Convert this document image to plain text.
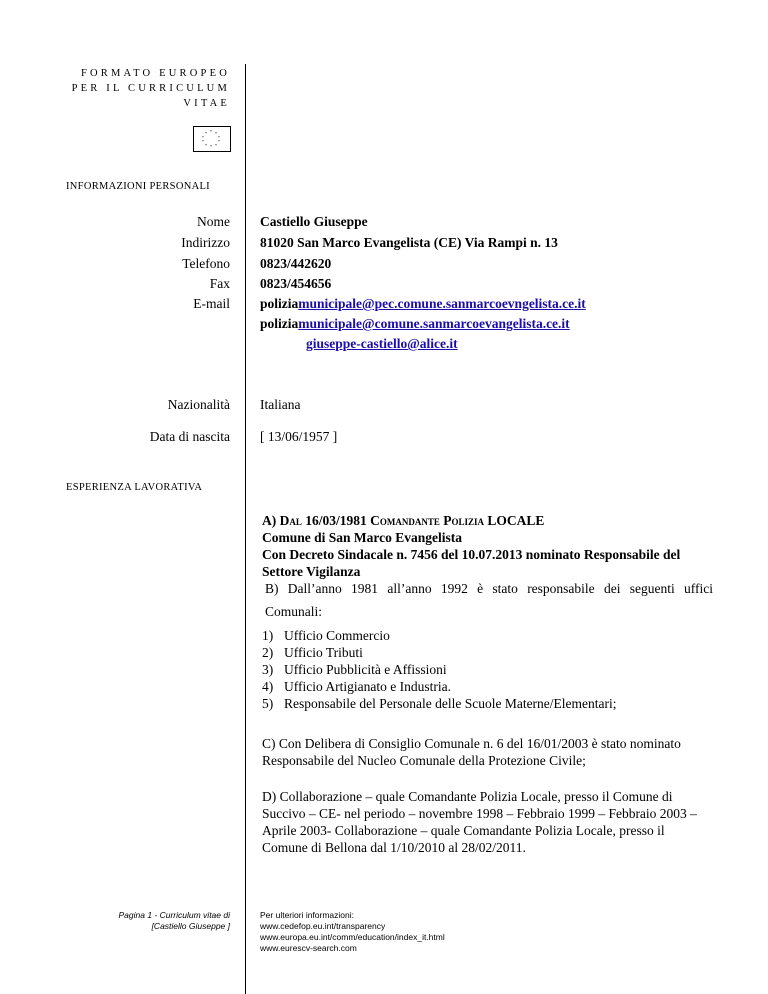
FORMATO EUROPEO
PER IL CURRICULUM
VITAE
* *
*
*
*
*
*
*
*
*
INFORMAZIONI PERSONALI
Nome Castiello Giuseppe
Indirizzo 81020 San Marco Evangelista (CE) Via Rampi n. 13
Telefono 0823/442620
Fax 0823/454656
E-mail poliziamunicipale@pec.comune.sanmarcoevngelista.ce.it
poliziamunicipale@comune.sanmarcoevangelista.ce.it
giuseppe-castiello@alice.it
Nazionalità Italiana
Data di nascita [ 13/06/1957 ]
ESPERIENZA LAVORATIVA
A) Dal 16/03/1981 Comandante Polizia LOCALE
Comune di San Marco Evangelista
Con Decreto Sindacale n. 7456 del 10.07.2013 nominato Responsabile del Settore Vigilanza
B) Dall’anno 1981 all’anno 1992 è stato responsabile dei seguenti uffici
Comunali:
1) Ufficio Commercio
2) Ufficio Tributi
3) Ufficio Pubblicità e Affissioni
4) Ufficio Artigianato e Industria.
5) Responsabile del Personale delle Scuole Materne/Elementari;
C) Con Delibera di Consiglio Comunale n. 6 del 16/01/2003 è stato nominato Responsabile del Nucleo Comunale della Protezione Civile;
D) Collaborazione – quale Comandante Polizia Locale, presso il Comune di Succivo – CE- nel periodo – novembre 1998 – Febbraio 1999 – Febbraio 2003 – Aprile 2003- Collaborazione – quale Comandante Polizia Locale, presso il Comune di Bellona dal 1/10/2010 al 28/02/2011.
Pagina 1 - Curriculum vitae di
[Castiello Giuseppe ]
Per ulteriori informazioni:
www.cedefop.eu.int/transparency
www.europa.eu.int/comm/education/index_it.html
www.eurescv-search.com
